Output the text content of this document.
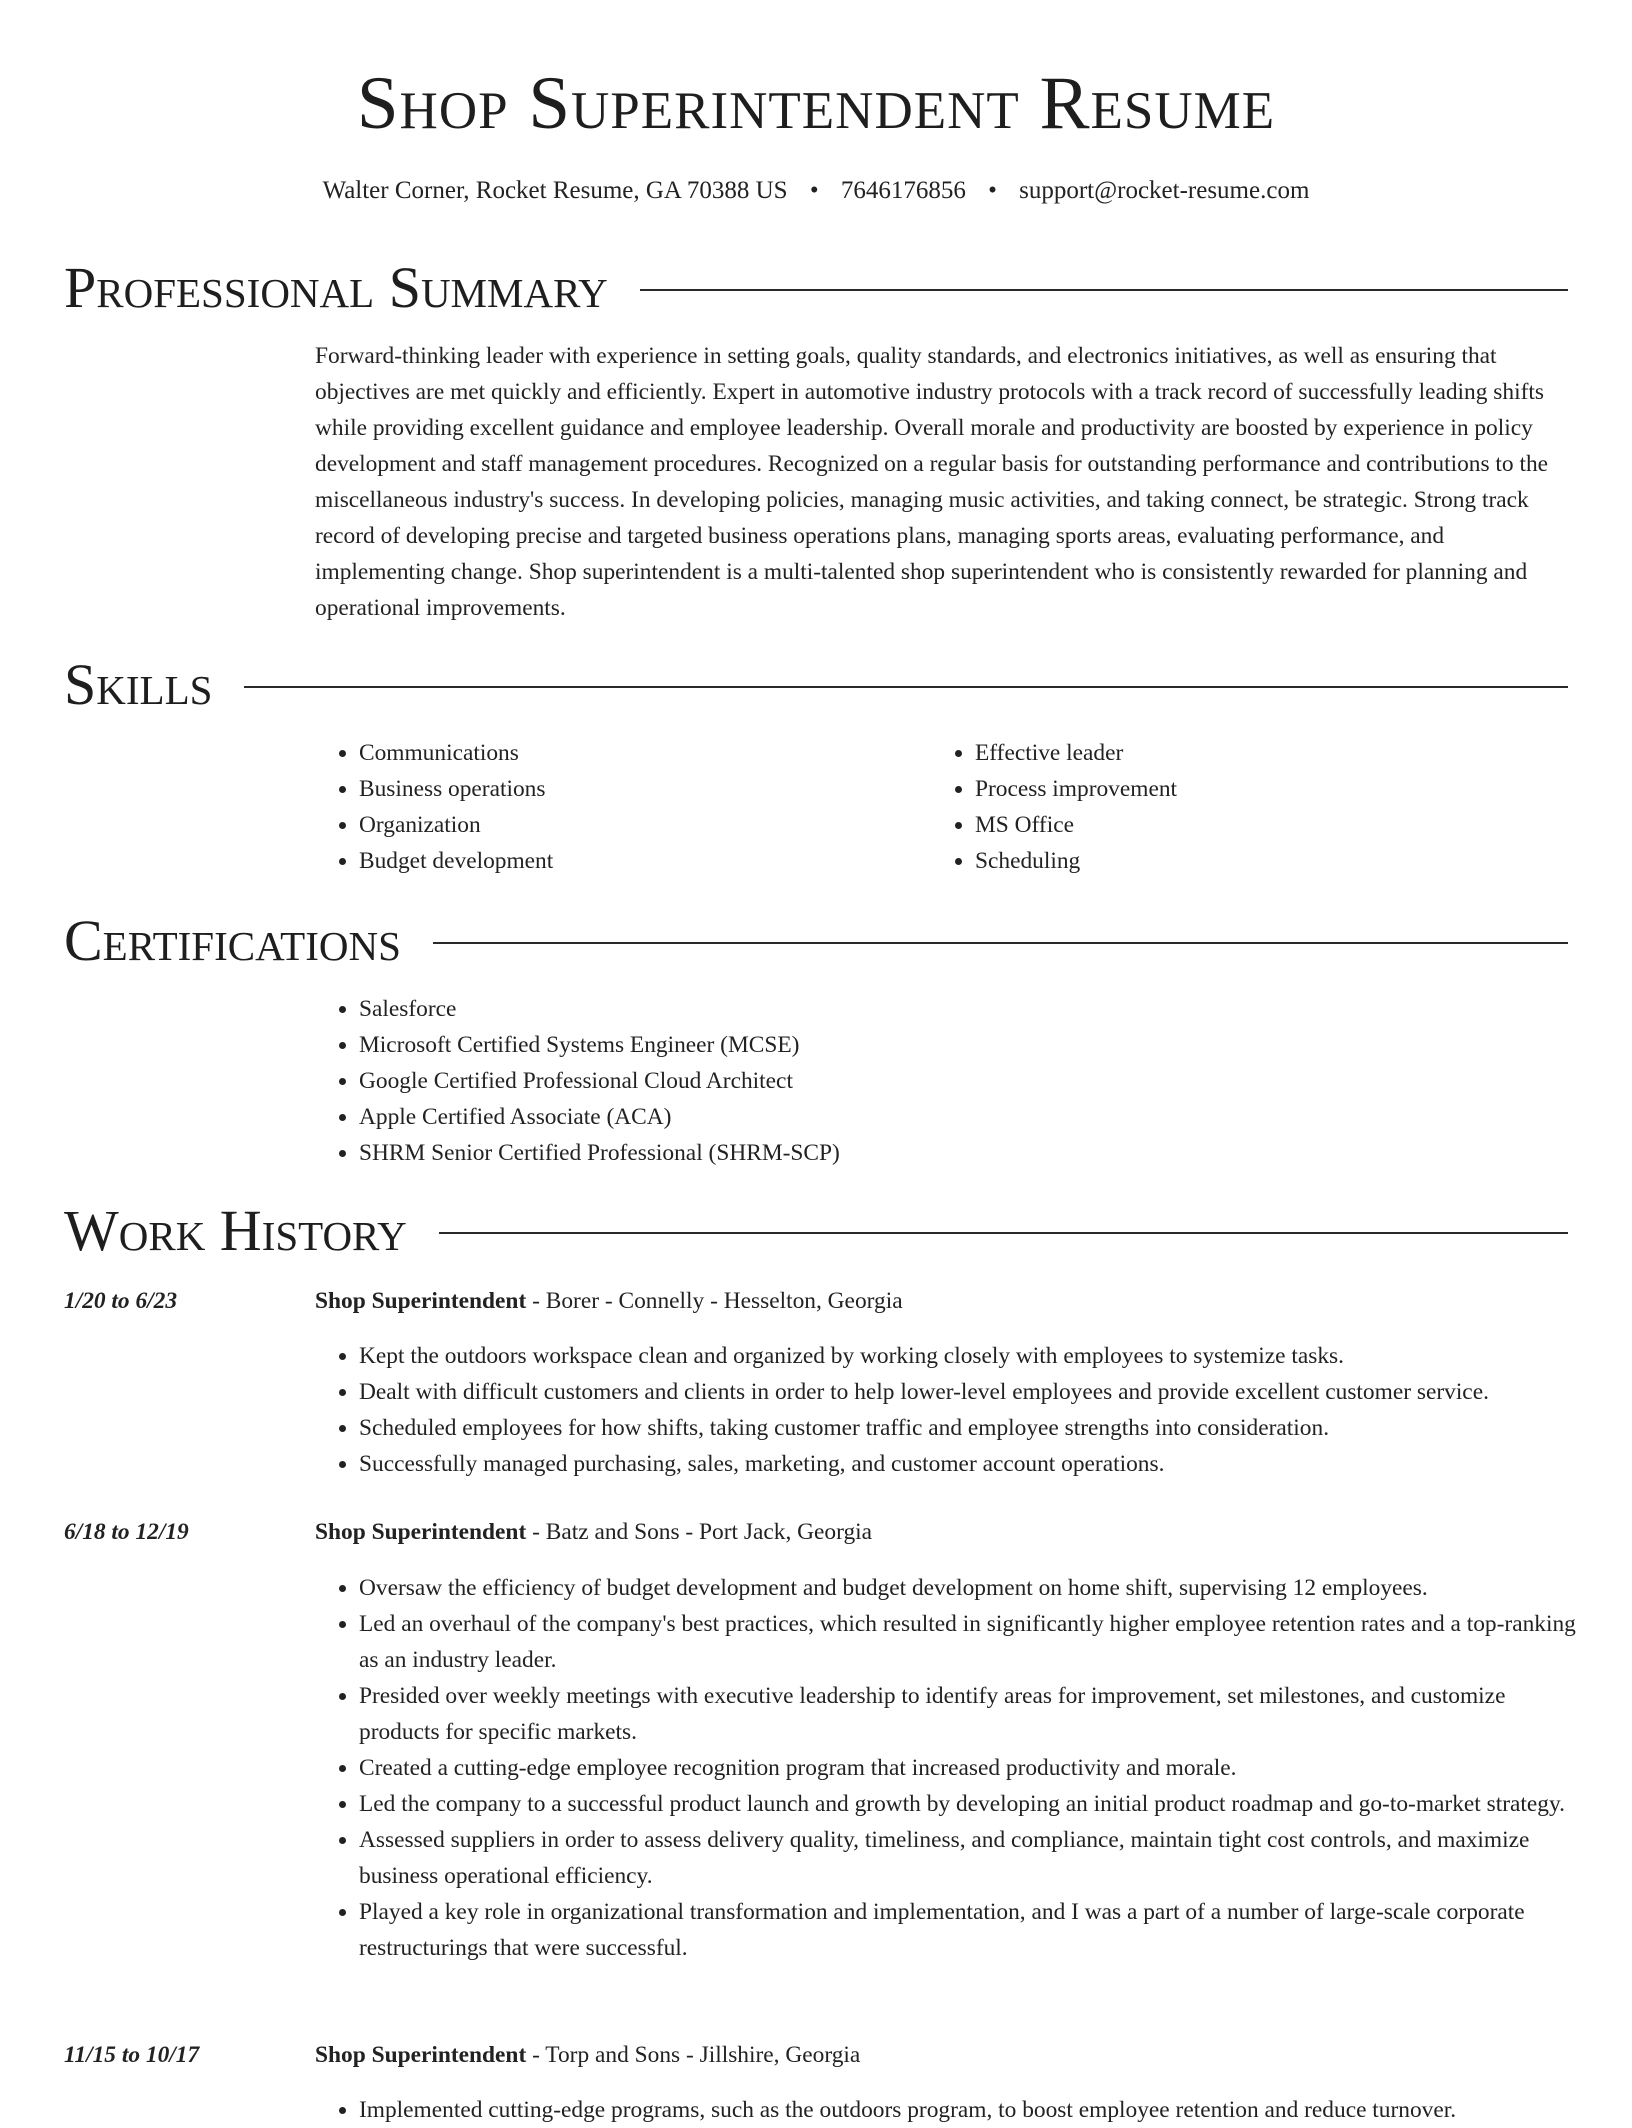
Shop Superintendent Resume
Walter Corner, Rocket Resume, GA 70388 US • 7646176856 • support@rocket-resume.com
Professional Summary

Forward-thinking leader with experience in setting goals, quality standards, and electronics initiatives, as well as ensuring that objectives are met quickly and efficiently. Expert in automotive industry protocols with a track record of successfully leading shifts while providing excellent guidance and employee leadership. Overall morale and productivity are boosted by experience in policy development and staff management procedures. Recognized on a regular basis for outstanding performance and contributions to the miscellaneous industry's success. In developing policies, managing music activities, and taking connect, be strategic. Strong track record of developing precise and targeted business operations plans, managing sports areas, evaluating performance, and implementing change. Shop superintendent is a multi-talented shop superintendent who is consistently rewarded for planning and operational improvements.

Skills
• Communications
• Business operations
• Organization
• Budget development
• Effective leader
• Process improvement
• MS Office
• Scheduling
Certifications
• Salesforce
• Microsoft Certified Systems Engineer (MCSE)
• Google Certified Professional Cloud Architect
• Apple Certified Associate (ACA)
• SHRM Senior Certified Professional (SHRM-SCP)
Work History
1/20 to 6/23	Shop Superintendent - Borer - Connelly - Hesselton, Georgia
• Kept the outdoors workspace clean and organized by working closely with employees to systemize tasks.
• Dealt with difficult customers and clients in order to help lower-level employees and provide excellent customer service.
• Scheduled employees for how shifts, taking customer traffic and employee strengths into consideration.
• Successfully managed purchasing, sales, marketing, and customer account operations.
6/18 to 12/19	Shop Superintendent - Batz and Sons - Port Jack, Georgia
• Oversaw the efficiency of budget development and budget development on home shift, supervising 12 employees.
• Led an overhaul of the company's best practices, which resulted in significantly higher employee retention rates and a top-ranking as an industry leader.
• Presided over weekly meetings with executive leadership to identify areas for improvement, set milestones, and customize products for specific markets.
• Created a cutting-edge employee recognition program that increased productivity and morale.
• Led the company to a successful product launch and growth by developing an initial product roadmap and go-to-market strategy.
• Assessed suppliers in order to assess delivery quality, timeliness, and compliance, maintain tight cost controls, and maximize business operational efficiency.
• Played a key role in organizational transformation and implementation, and I was a part of a number of large-scale corporate restructurings that were successful.
11/15 to 10/17	Shop Superintendent - Torp and Sons - Jillshire, Georgia
• Implemented cutting-edge programs, such as the outdoors program, to boost employee retention and reduce turnover.
